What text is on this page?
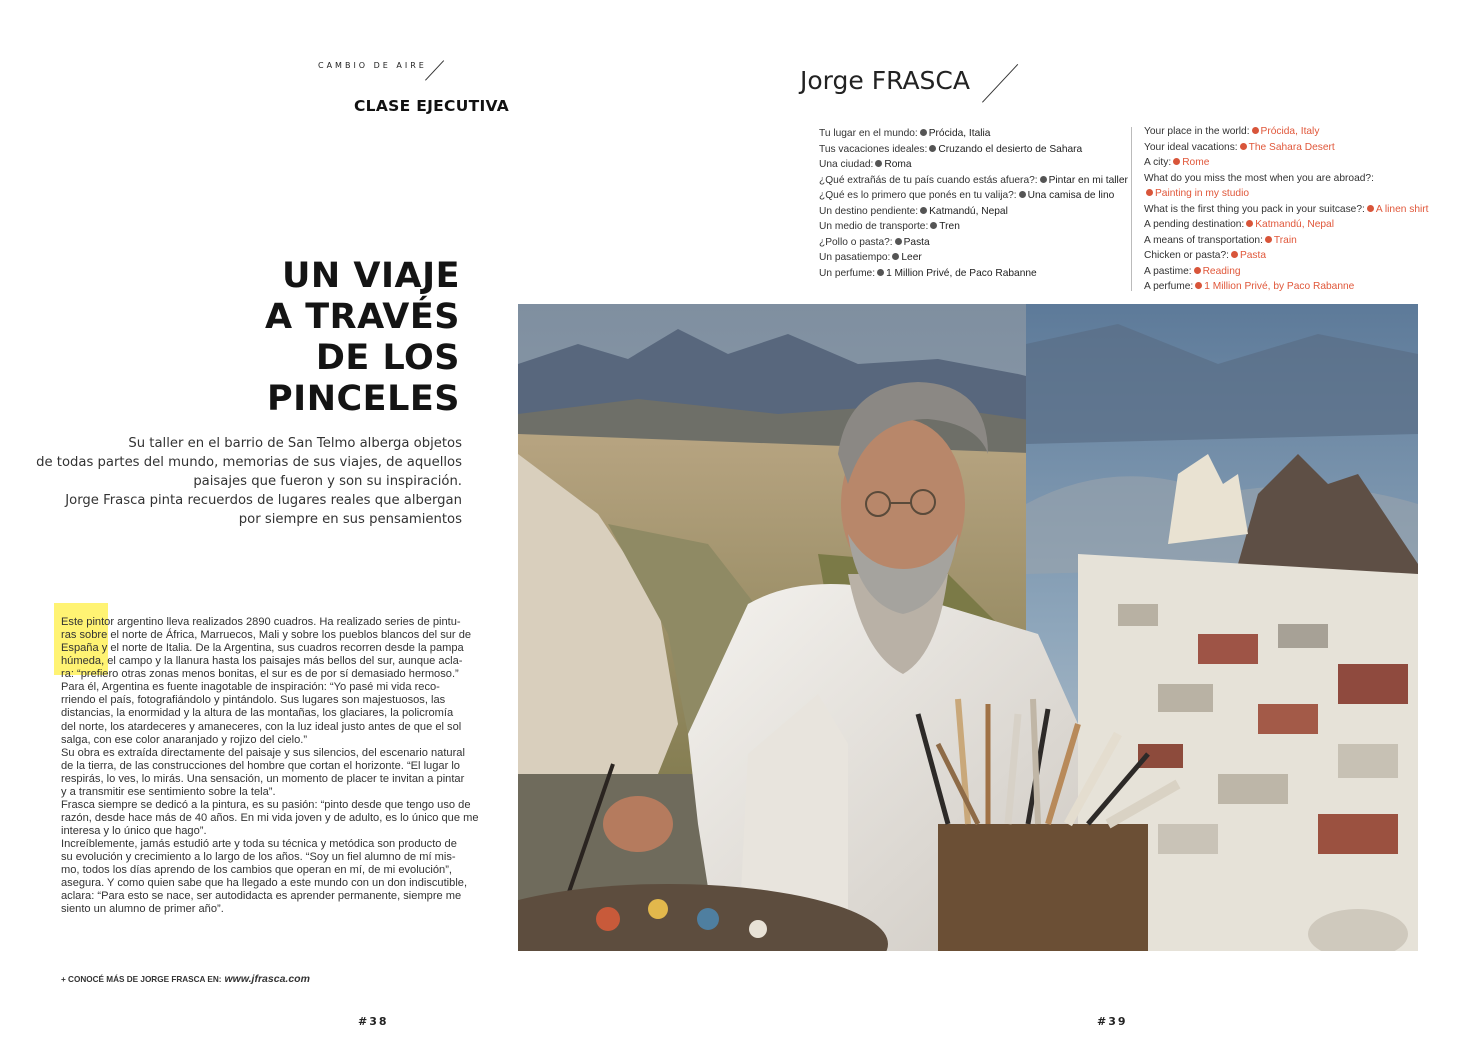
CAMBIO DE AIRE
CLASE EJECUTIVA
UN VIAJE
A TRAVÉS
DE LOS
PINCELES
Su taller en el barrio de San Telmo alberga objetos
de todas partes del mundo, memorias de sus viajes, de aquellos
paisajes que fueron y son su inspiración.
Jorge Frasca pinta recuerdos de lugares reales que albergan
por siempre en sus pensamientos
Este pintor argentino lleva realizados 2890 cuadros. Ha realizado series de pintu-
ras sobre el norte de África, Marruecos, Mali y sobre los pueblos blancos del sur de
España y el norte de Italia. De la Argentina, sus cuadros recorren desde la pampa
húmeda, el campo y la llanura hasta los paisajes más bellos del sur, aunque acla-
ra: “prefiero otras zonas menos bonitas, el sur es de por sí demasiado hermoso.”
Para él, Argentina es fuente inagotable de inspiración: “Yo pasé mi vida reco-
rriendo el país, fotografiándolo y pintándolo. Sus lugares son majestuosos, las
distancias, la enormidad y la altura de las montañas, los glaciares, la policromía
del norte, los atardeceres y amaneceres, con la luz ideal justo antes de que el sol
salga, con ese color anaranjado y rojizo del cielo.”
Su obra es extraída directamente del paisaje y sus silencios, del escenario natural
de la tierra, de las construcciones del hombre que cortan el horizonte. “El lugar lo
respirás, lo ves, lo mirás. Una sensación, un momento de placer te invitan a pintar
y a transmitir ese sentimiento sobre la tela”.
Frasca siempre se dedicó a la pintura, es su pasión: “pinto desde que tengo uso de
razón, desde hace más de 40 años. En mi vida joven y de adulto, es lo único que me
interesa y lo único que hago”.
Increíblemente, jamás estudió arte y toda su técnica y metódica son producto de
su evolución y crecimiento a lo largo de los años. “Soy un fiel alumno de mí mis-
mo, todos los días aprendo de los cambios que operan en mí, de mi evolución”,
asegura. Y como quien sabe que ha llegado a este mundo con un don indiscutible,
aclara: “Para esto se nace, ser autodidacta es aprender permanente, siempre me
siento un alumno de primer año”.
+ CONOCÉ MÁS DE JORGE FRASCA EN: www.jfrasca.com
#38
Jorge FRASCA
Tu lugar en el mundo: Prócida, Italia
Tus vacaciones ideales: Cruzando el desierto de Sahara
Una ciudad: Roma
¿Qué extrañás de tu país cuando estás afuera?: Pintar en mi taller
¿Qué es lo primero que ponés en tu valija?: Una camisa de lino
Un destino pendiente: Katmandú, Nepal
Un medio de transporte: Tren
¿Pollo o pasta?: Pasta
Un pasatiempo: Leer
Un perfume: 1 Million Privé, de Paco Rabanne
Your place in the world: Prócida, Italy
Your ideal vacations: The Sahara Desert
A city: Rome
What do you miss the most when you are abroad?:
Painting in my studio
What is the first thing you pack in your suitcase?: A linen shirt
A pending destination: Katmandú, Nepal
A means of transportation: Train
Chicken or pasta?: Pasta
A pastime: Reading
A perfume: 1 Million Privé, by Paco Rabanne
#39
